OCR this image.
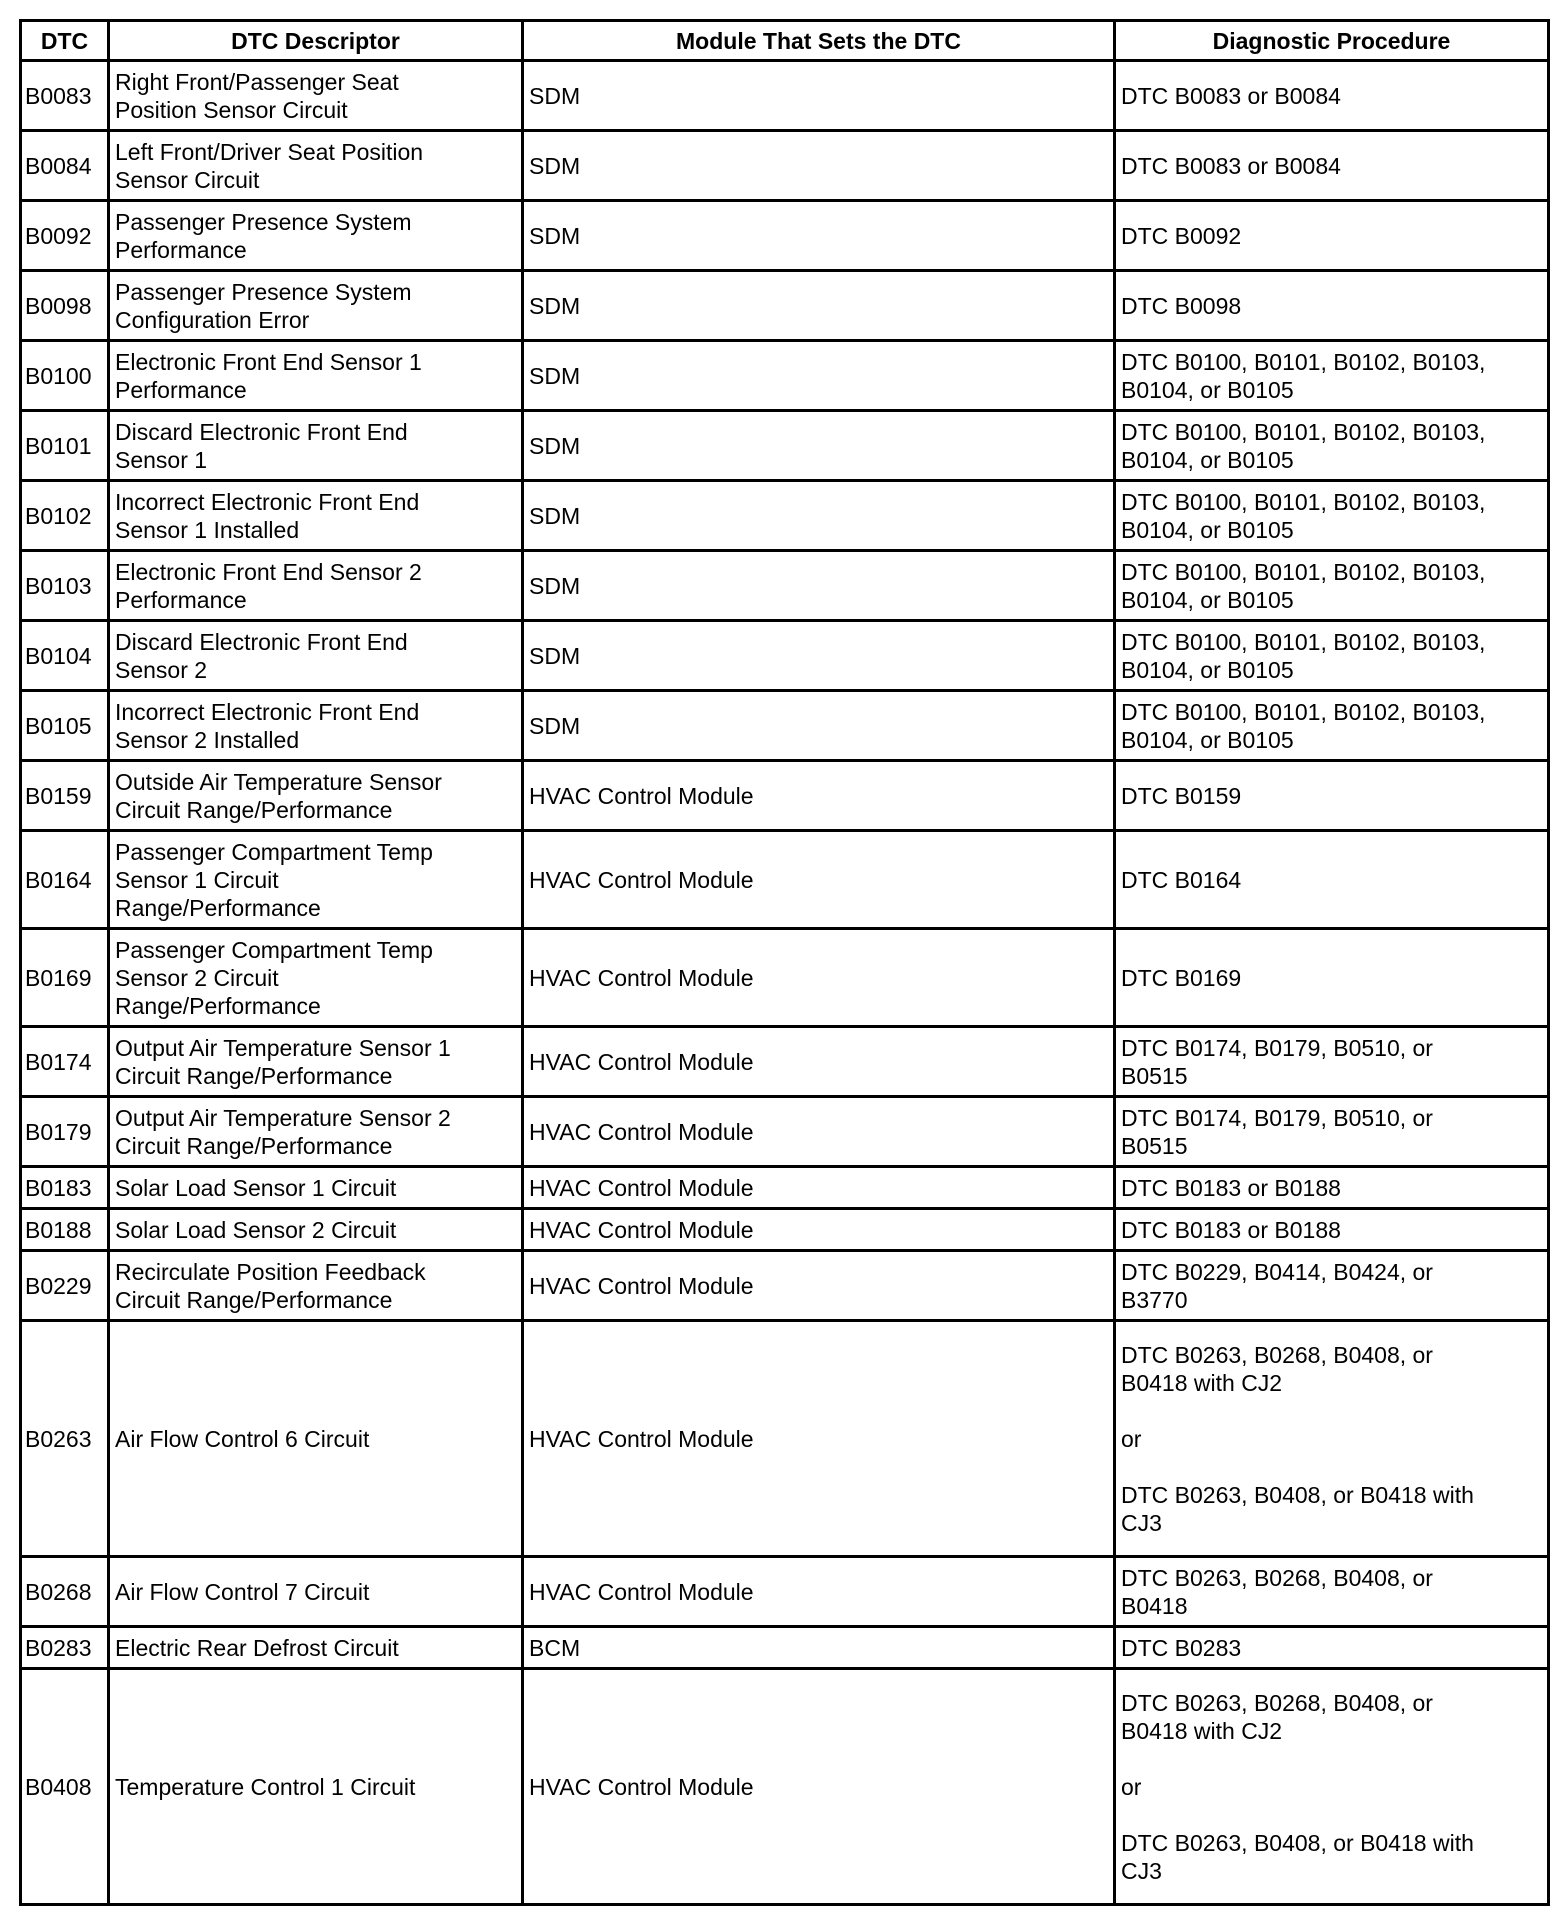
DTC	DTC Descriptor	Module That Sets the DTC	Diagnostic Procedure
B0083	Right Front/Passenger Seat
Position Sensor Circuit	SDM	DTC B0083 or B0084
B0084	Left Front/Driver Seat Position
Sensor Circuit	SDM	DTC B0083 or B0084
B0092	Passenger Presence System
Performance	SDM	DTC B0092
B0098	Passenger Presence System
Configuration Error	SDM	DTC B0098
B0100	Electronic Front End Sensor 1
Performance	SDM	DTC B0100, B0101, B0102, B0103,
B0104, or B0105
B0101	Discard Electronic Front End
Sensor 1	SDM	DTC B0100, B0101, B0102, B0103,
B0104, or B0105
B0102	Incorrect Electronic Front End
Sensor 1 Installed	SDM	DTC B0100, B0101, B0102, B0103,
B0104, or B0105
B0103	Electronic Front End Sensor 2
Performance	SDM	DTC B0100, B0101, B0102, B0103,
B0104, or B0105
B0104	Discard Electronic Front End
Sensor 2	SDM	DTC B0100, B0101, B0102, B0103,
B0104, or B0105
B0105	Incorrect Electronic Front End
Sensor 2 Installed	SDM	DTC B0100, B0101, B0102, B0103,
B0104, or B0105
B0159	Outside Air Temperature Sensor
Circuit Range/Performance	HVAC Control Module	DTC B0159
B0164	Passenger Compartment Temp
Sensor 1 Circuit
Range/Performance	HVAC Control Module	DTC B0164
B0169	Passenger Compartment Temp
Sensor 2 Circuit
Range/Performance	HVAC Control Module	DTC B0169
B0174	Output Air Temperature Sensor 1
Circuit Range/Performance	HVAC Control Module	DTC B0174, B0179, B0510, or
B0515
B0179	Output Air Temperature Sensor 2
Circuit Range/Performance	HVAC Control Module	DTC B0174, B0179, B0510, or
B0515
B0183	Solar Load Sensor 1 Circuit	HVAC Control Module	DTC B0183 or B0188
B0188	Solar Load Sensor 2 Circuit	HVAC Control Module	DTC B0183 or B0188
B0229	Recirculate Position Feedback
Circuit Range/Performance	HVAC Control Module	DTC B0229, B0414, B0424, or
B3770
B0263	Air Flow Control 6 Circuit	HVAC Control Module	DTC B0263, B0268, B0408, or
B0418 with CJ2

or

DTC B0263, B0408, or B0418 with
CJ3
B0268	Air Flow Control 7 Circuit	HVAC Control Module	DTC B0263, B0268, B0408, or
B0418
B0283	Electric Rear Defrost Circuit	BCM	DTC B0283
B0408	Temperature Control 1 Circuit	HVAC Control Module	DTC B0263, B0268, B0408, or
B0418 with CJ2

or

DTC B0263, B0408, or B0418 with
CJ3
